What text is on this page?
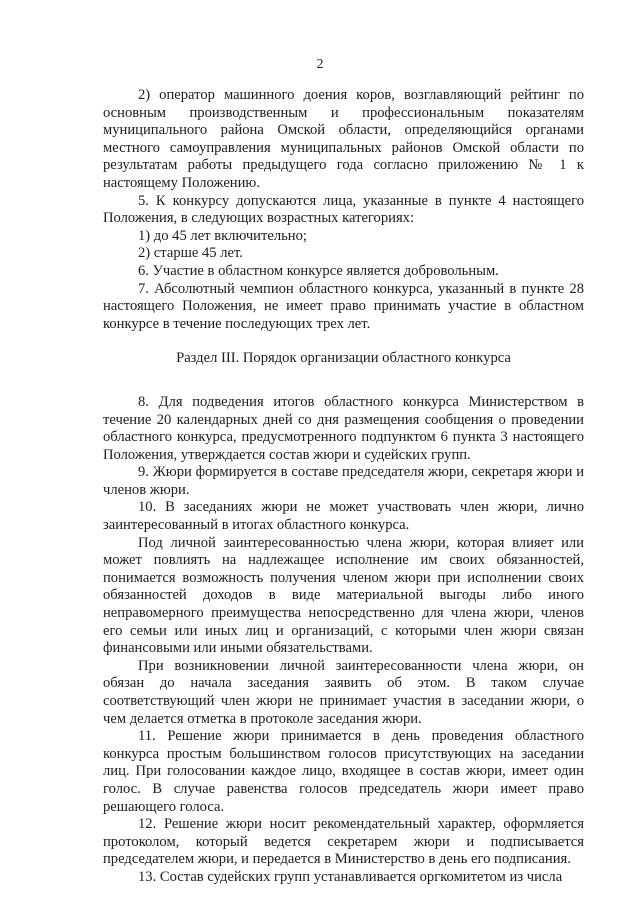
2

2) оператор машинного доения коров, возглавляющий рейтинг по основным производственным и профессиональным показателям муниципального района Омской области, определяющийся органами местного самоуправления муниципальных районов Омской области по результатам работы предыдущего года согласно приложению № 1 к настоящему Положению.

5. К конкурсу допускаются лица, указанные в пункте 4 настоящего Положения, в следующих возрастных категориях:

1) до 45 лет включительно;

2) старше 45 лет.

6. Участие в областном конкурсе является добровольным.

7. Абсолютный чемпион областного конкурса, указанный в пункте 28 настоящего Положения, не имеет право принимать участие в областном конкурсе в течение последующих трех лет.

Раздел III. Порядок организации областного конкурса

8. Для подведения итогов областного конкурса Министерством в течение 20 календарных дней со дня размещения сообщения о проведении областного конкурса, предусмотренного подпунктом 6 пункта 3 настоящего Положения, утверждается состав жюри и судейских групп.

9. Жюри формируется в составе председателя жюри, секретаря жюри и членов жюри.

10. В заседаниях жюри не может участвовать член жюри, лично заинтересованный в итогах областного конкурса.

Под личной заинтересованностью члена жюри, которая влияет или может повлиять на надлежащее исполнение им своих обязанностей, понимается возможность получения членом жюри при исполнении своих обязанностей доходов в виде материальной выгоды либо иного неправомерного преимущества непосредственно для члена жюри, членов его семьи или иных лиц и организаций, с которыми член жюри связан финансовыми или иными обязательствами.

При возникновении личной заинтересованности члена жюри, он обязан до начала заседания заявить об этом. В таком случае соответствующий член жюри не принимает участия в заседании жюри, о чем делается отметка в протоколе заседания жюри.

11. Решение жюри принимается в день проведения областного конкурса простым большинством голосов присутствующих на заседании лиц. При голосовании каждое лицо, входящее в состав жюри, имеет один голос. В случае равенства голосов председатель жюри имеет право решающего голоса.

12. Решение жюри носит рекомендательный характер, оформляется протоколом, который ведется секретарем жюри и подписывается председателем жюри, и передается в Министерство в день его подписания.

13. Состав судейских групп устанавливается оргкомитетом из числа
